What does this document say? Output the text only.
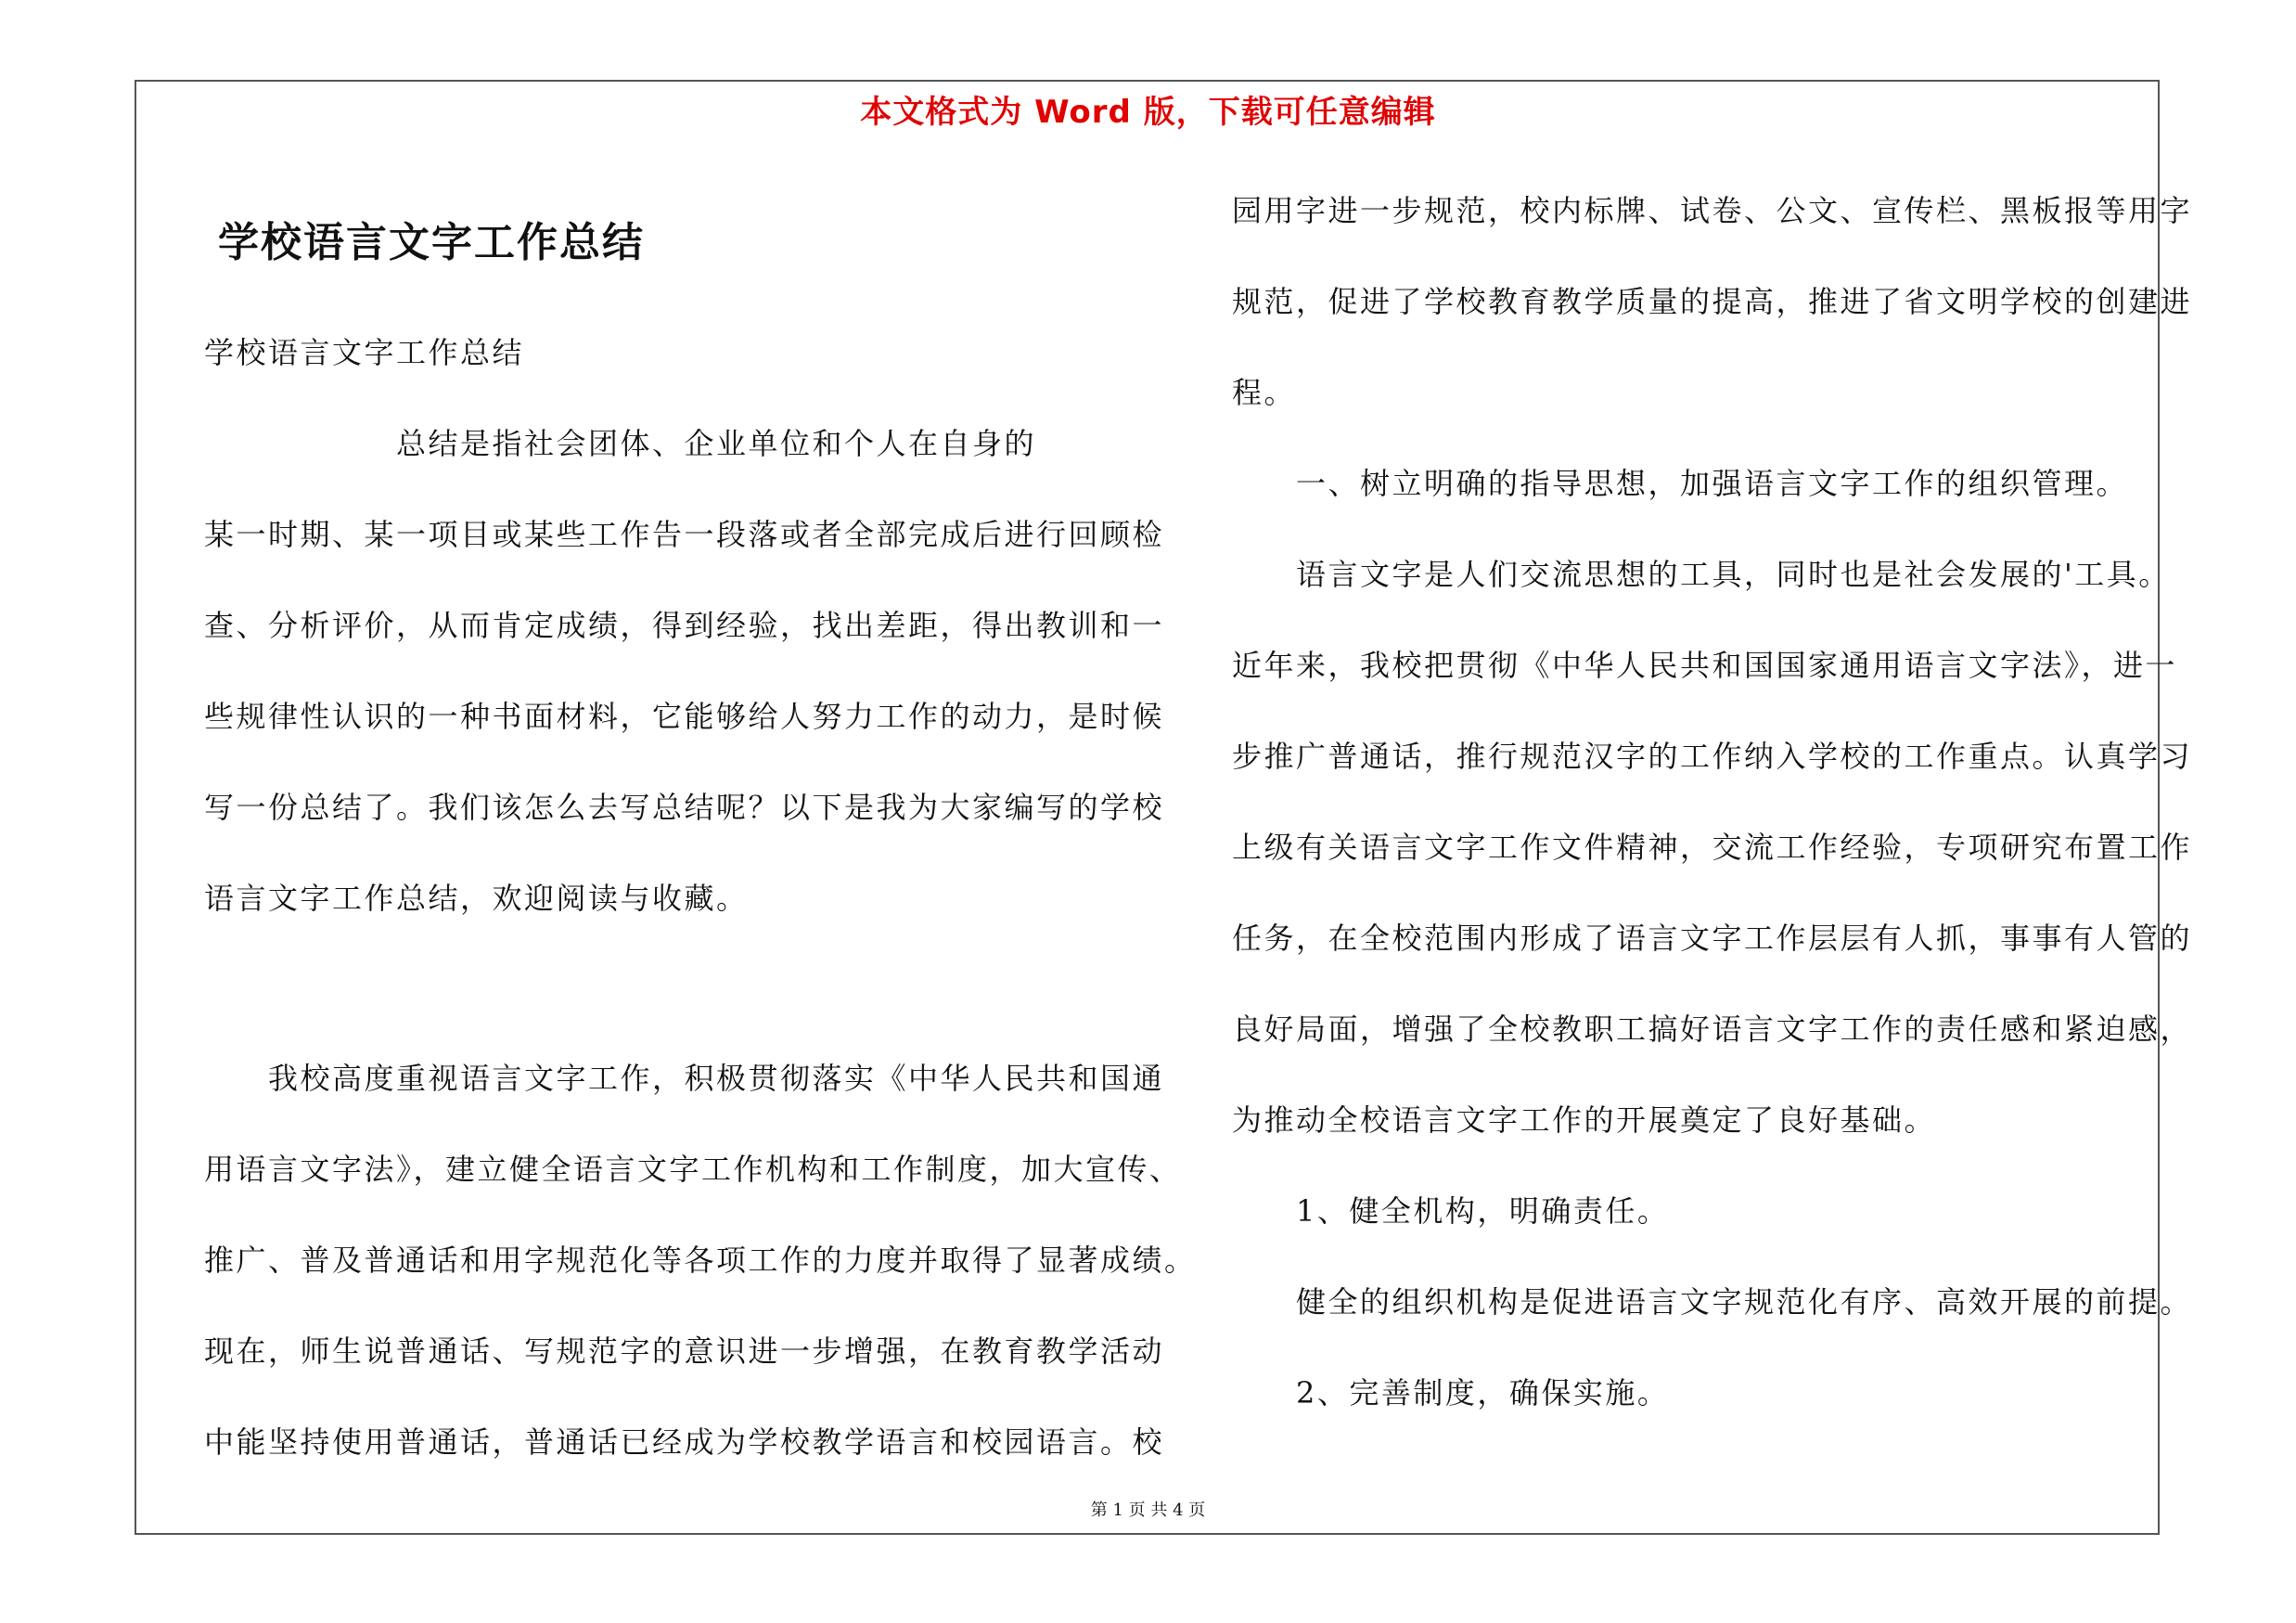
本文格式为 Word 版，下载可任意编辑
学校语言文字工作总结
学校语言文字工作总结
　　　　　　总结是指社会团体、企业单位和个人在自身的
某一时期、某一项目或某些工作告一段落或者全部完成后进行回顾检
查、分析评价，从而肯定成绩，得到经验，找出差距，得出教训和一
些规律性认识的一种书面材料，它能够给人努力工作的动力，是时候
写一份总结了。我们该怎么去写总结呢？以下是我为大家编写的学校
语言文字工作总结，欢迎阅读与收藏。
　　我校高度重视语言文字工作，积极贯彻落实《中华人民共和国通
用语言文字法》，建立健全语言文字工作机构和工作制度，加大宣传、
推广、普及普通话和用字规范化等各项工作的力度并取得了显著成绩。
现在，师生说普通话、写规范字的意识进一步增强，在教育教学活动
中能坚持使用普通话，普通话已经成为学校教学语言和校园语言。校
园用字进一步规范，校内标牌、试卷、公文、宣传栏、黑板报等用字
规范，促进了学校教育教学质量的提高，推进了省文明学校的创建进
程。
　　一、树立明确的指导思想，加强语言文字工作的组织管理。
　　语言文字是人们交流思想的工具，同时也是社会发展的'工具。
近年来，我校把贯彻《中华人民共和国国家通用语言文字法》，进一
步推广普通话，推行规范汉字的工作纳入学校的工作重点。认真学习
上级有关语言文字工作文件精神，交流工作经验，专项研究布置工作
任务，在全校范围内形成了语言文字工作层层有人抓，事事有人管的
良好局面，增强了全校教职工搞好语言文字工作的责任感和紧迫感，
为推动全校语言文字工作的开展奠定了良好基础。
　　1、健全机构，明确责任。
　　健全的组织机构是促进语言文字规范化有序、高效开展的前提。
　　2、完善制度，确保实施。
第 1 页 共 4 页
